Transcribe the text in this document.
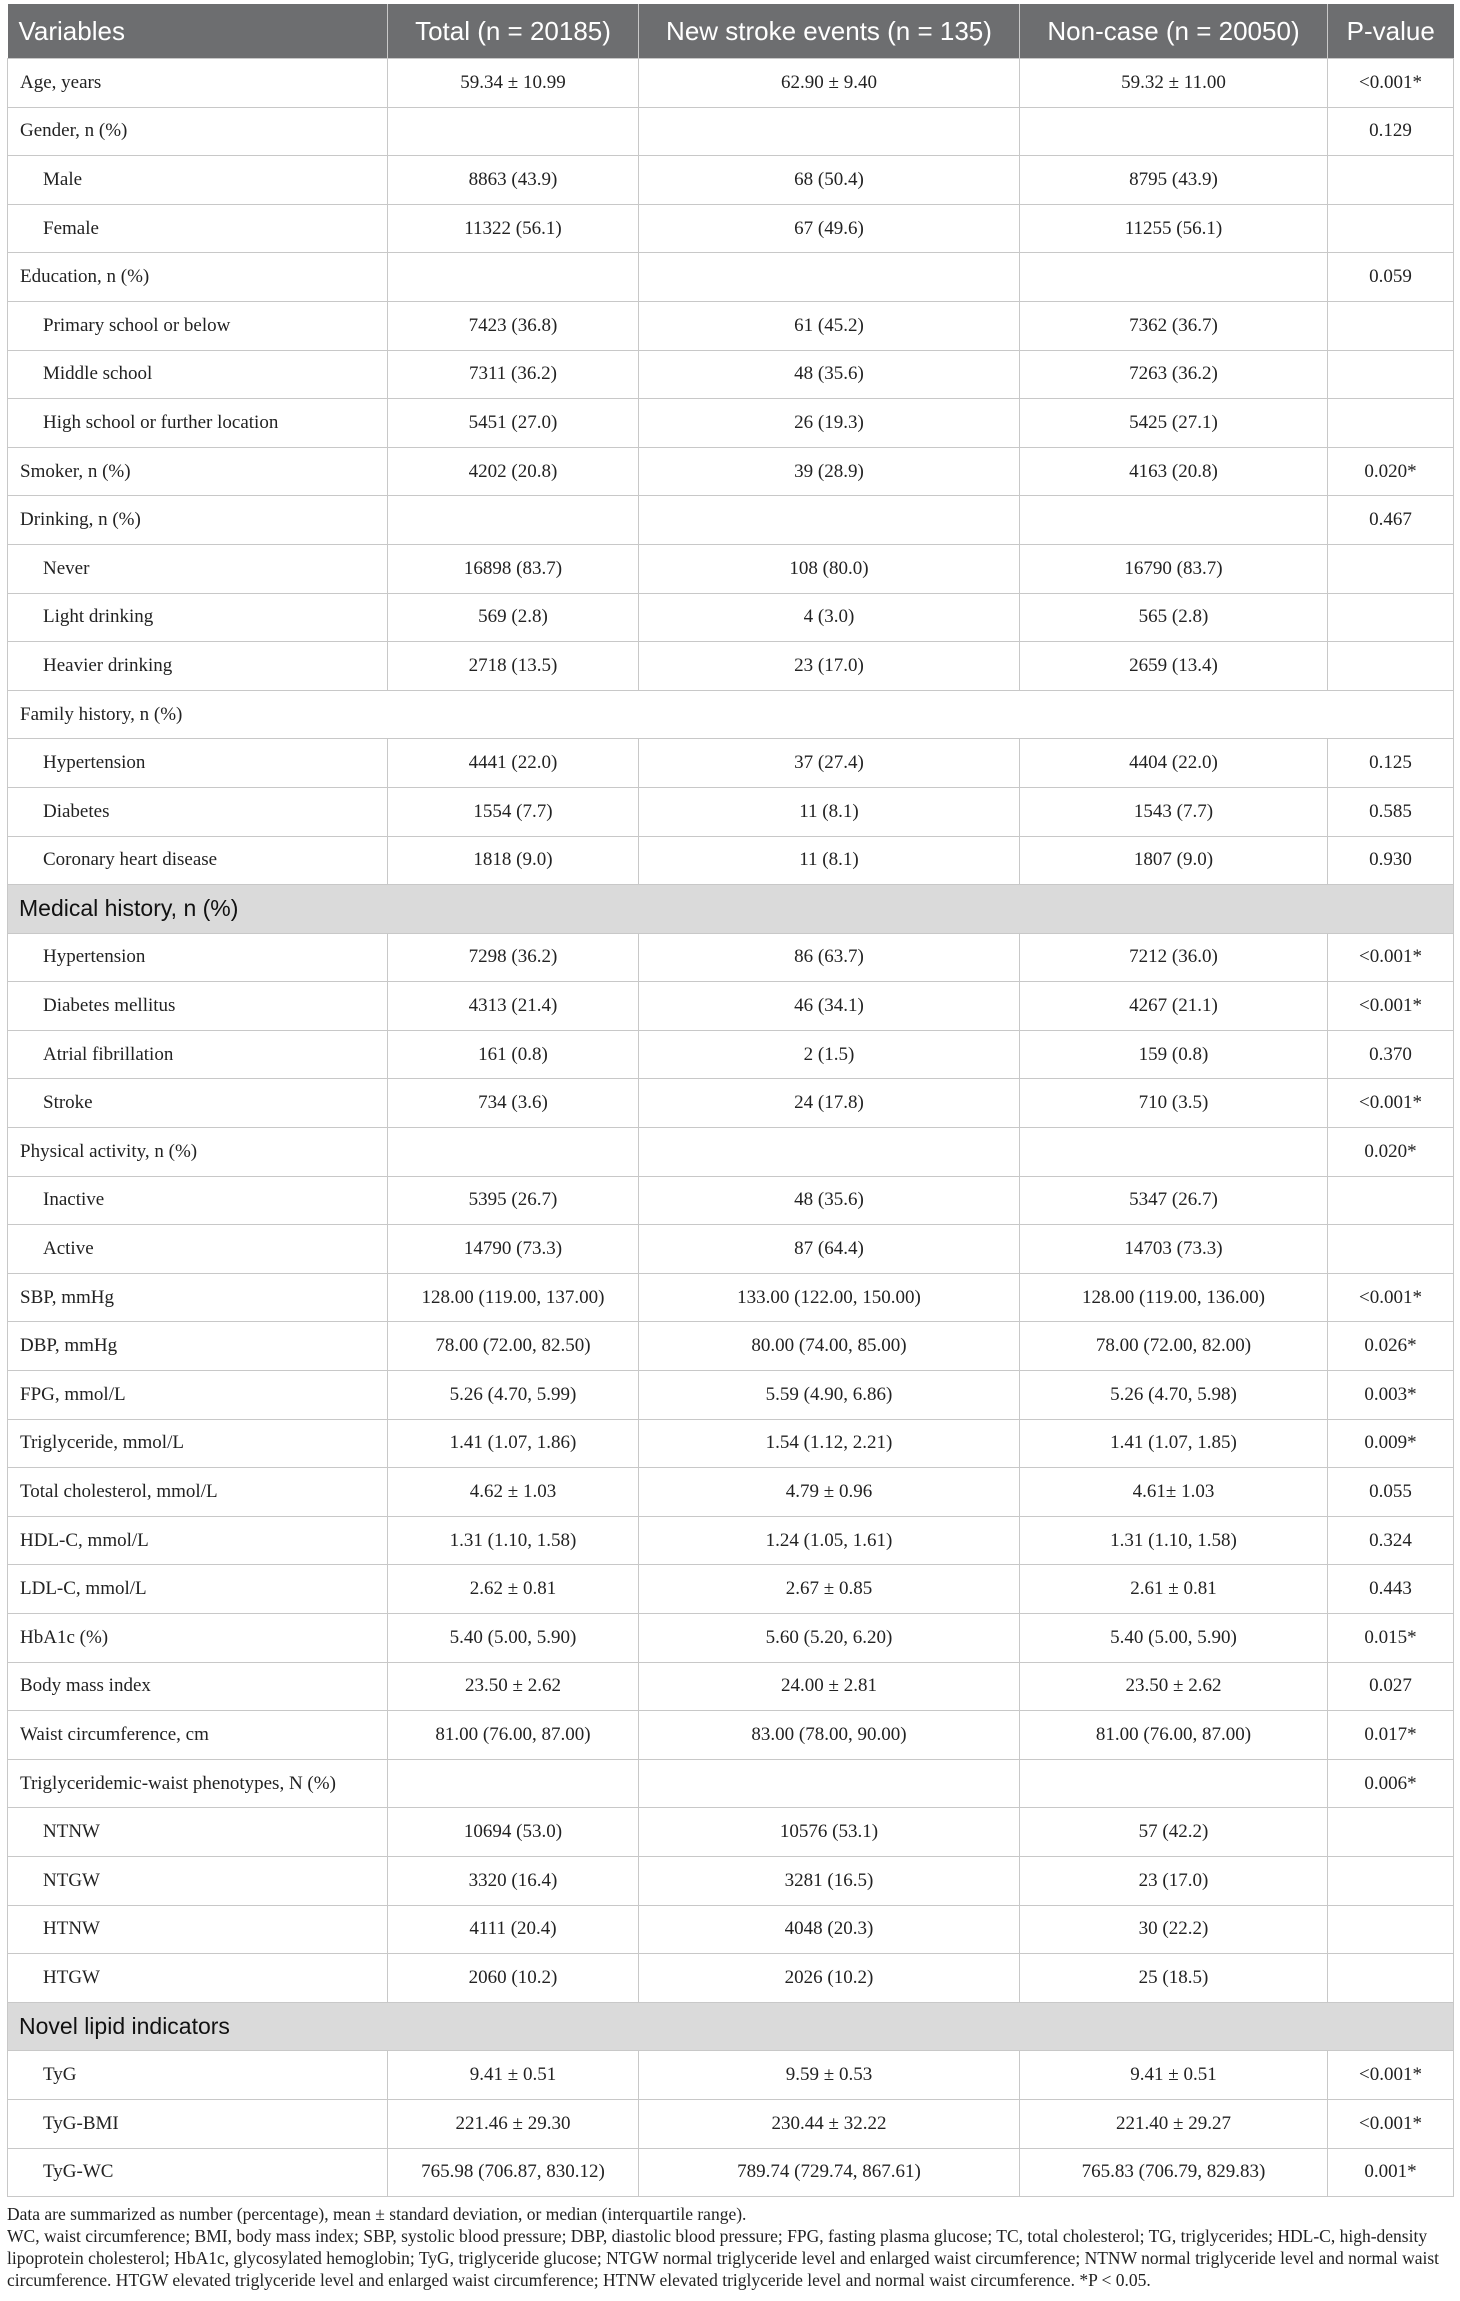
Variables	Total (n = 20185)	New stroke events (n = 135)	Non-case (n = 20050)	P-value
Age, years	59.34 ± 10.99	62.90 ± 9.40	59.32 ± 11.00	<0.001*
Gender, n (%)				0.129
Male	8863 (43.9)	68 (50.4)	8795 (43.9)	
Female	11322 (56.1)	67 (49.6)	11255 (56.1)	
Education, n (%)				0.059
Primary school or below	7423 (36.8)	61 (45.2)	7362 (36.7)	
Middle school	7311 (36.2)	48 (35.6)	7263 (36.2)	
High school or further location	5451 (27.0)	26 (19.3)	5425 (27.1)	
Smoker, n (%)	4202 (20.8)	39 (28.9)	4163 (20.8)	0.020*
Drinking, n (%)				0.467
Never	16898 (83.7)	108 (80.0)	16790 (83.7)	
Light drinking	569 (2.8)	4 (3.0)	565 (2.8)	
Heavier drinking	2718 (13.5)	23 (17.0)	2659 (13.4)	
Family history, n (%)				
Hypertension	4441 (22.0)	37 (27.4)	4404 (22.0)	0.125
Diabetes	1554 (7.7)	11 (8.1)	1543 (7.7)	0.585
Coronary heart disease	1818 (9.0)	11 (8.1)	1807 (9.0)	0.930
Medical history, n (%)				
Hypertension	7298 (36.2)	86 (63.7)	7212 (36.0)	<0.001*
Diabetes mellitus	4313 (21.4)	46 (34.1)	4267 (21.1)	<0.001*
Atrial fibrillation	161 (0.8)	2 (1.5)	159 (0.8)	0.370
Stroke	734 (3.6)	24 (17.8)	710 (3.5)	<0.001*
Physical activity, n (%)				0.020*
Inactive	5395 (26.7)	48 (35.6)	5347 (26.7)	
Active	14790 (73.3)	87 (64.4)	14703 (73.3)	
SBP, mmHg	128.00 (119.00, 137.00)	133.00 (122.00, 150.00)	128.00 (119.00, 136.00)	<0.001*
DBP, mmHg	78.00 (72.00, 82.50)	80.00 (74.00, 85.00)	78.00 (72.00, 82.00)	0.026*
FPG, mmol/L	5.26 (4.70, 5.99)	5.59 (4.90, 6.86)	5.26 (4.70, 5.98)	0.003*
Triglyceride, mmol/L	1.41 (1.07, 1.86)	1.54 (1.12, 2.21)	1.41 (1.07, 1.85)	0.009*
Total cholesterol, mmol/L	4.62 ± 1.03	4.79 ± 0.96	4.61± 1.03	0.055
HDL-C, mmol/L	1.31 (1.10, 1.58)	1.24 (1.05, 1.61)	1.31 (1.10, 1.58)	0.324
LDL-C, mmol/L	2.62 ± 0.81	2.67 ± 0.85	2.61 ± 0.81	0.443
HbA1c (%)	5.40 (5.00, 5.90)	5.60 (5.20, 6.20)	5.40 (5.00, 5.90)	0.015*
Body mass index	23.50 ± 2.62	24.00 ± 2.81	23.50 ± 2.62	0.027
Waist circumference, cm	81.00 (76.00, 87.00)	83.00 (78.00, 90.00)	81.00 (76.00, 87.00)	0.017*
Triglyceridemic-waist phenotypes, N (%)				0.006*
NTNW	10694 (53.0)	10576 (53.1)	57 (42.2)	
NTGW	3320 (16.4)	3281 (16.5)	23 (17.0)	
HTNW	4111 (20.4)	4048 (20.3)	30 (22.2)	
HTGW	2060 (10.2)	2026 (10.2)	25 (18.5)	
Novel lipid indicators				
TyG	9.41 ± 0.51	9.59 ± 0.53	9.41 ± 0.51	<0.001*
TyG-BMI	221.46 ± 29.30	230.44 ± 32.22	221.40 ± 29.27	<0.001*
TyG-WC	765.98 (706.87, 830.12)	789.74 (729.74, 867.61)	765.83 (706.79, 829.83)	0.001*

Data are summarized as number (percentage), mean ± standard deviation, or median (interquartile range).

WC, waist circumference; BMI, body mass index; SBP, systolic blood pressure; DBP, diastolic blood pressure; FPG, fasting plasma glucose; TC, total cholesterol; TG, triglycerides; HDL-C, high-density lipoprotein cholesterol; HbA1c, glycosylated hemoglobin; TyG, triglyceride glucose; NTGW normal triglyceride level and enlarged waist circumference; NTNW normal triglyceride level and normal waist circumference. HTGW elevated triglyceride level and enlarged waist circumference; HTNW elevated triglyceride level and normal waist circumference. *P < 0.05.
